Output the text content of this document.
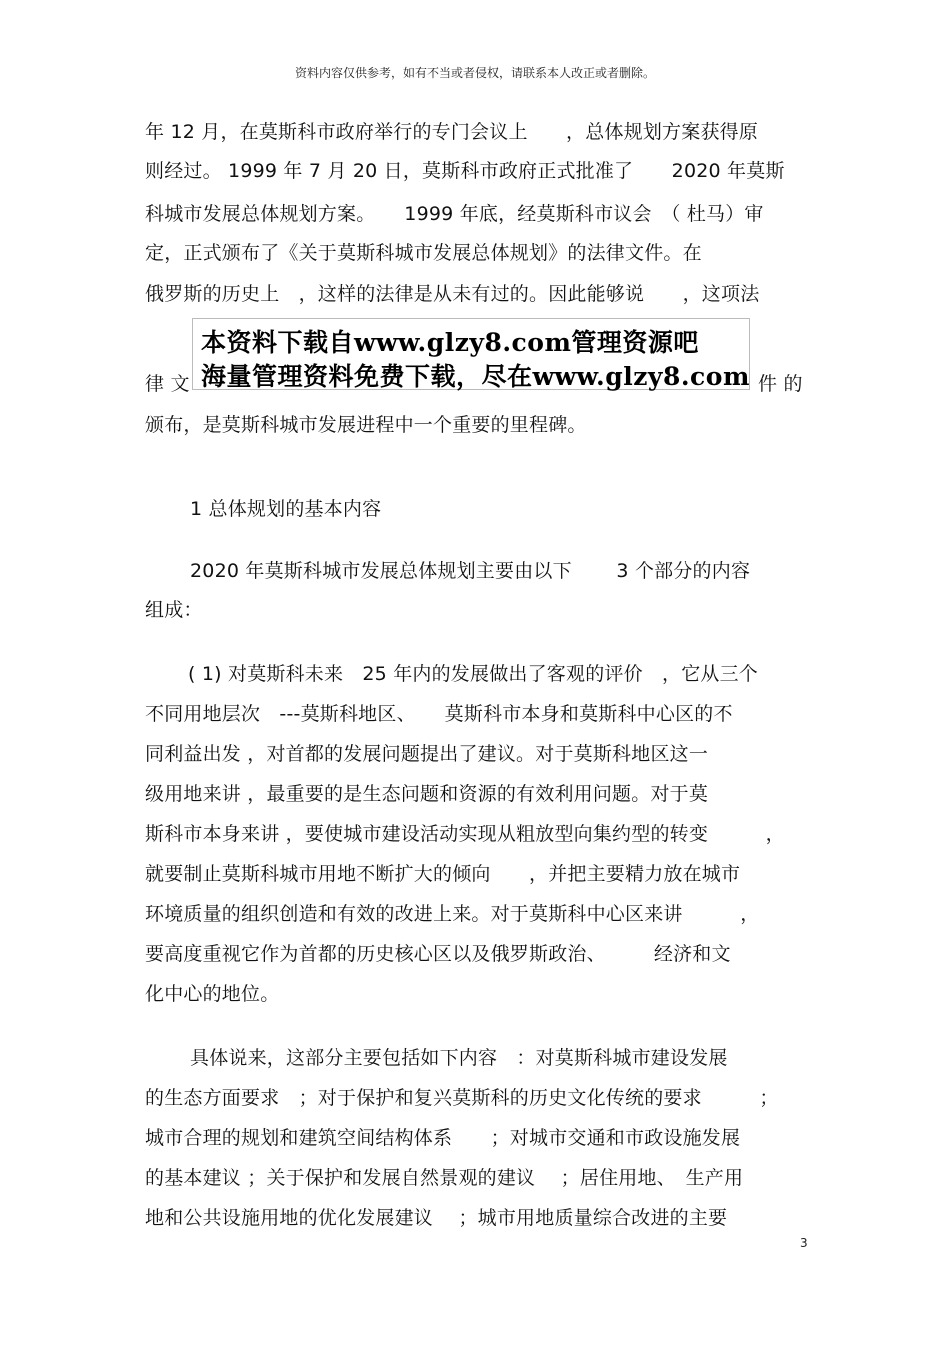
资料内容仅供参考，如有不当或者侵权，请联系本人改正或者删除。
年 12 月，在莫斯科市政府举行的专门会议上　　，总体规划方案获得原
则经过。 1999 年 7 月 20 日，莫斯科市政府正式批准了　　2020 年莫斯
科城市发展总体规划方案。　　1999 年底，经莫斯科市议会　（ 杜马）审
定，正式颁布了《关于莫斯科城市发展总体规划》的法律文件。在
俄罗斯的历史上　，这样的法律是从未有过的。因此能够说　　，这项法
律 文
本资料下载自www.glzy8.com管理资源吧
海量管理资料免费下载，尽在www.glzy8.com 件 的
颁布，是莫斯科城市发展进程中一个重要的里程碑。
1 总体规划的基本内容
2020 年莫斯科城市发展总体规划主要由以下　　 3 个部分的内容
组成：
( 1) 对莫斯科未来　25 年内的发展做出了客观的评价　，它从三个
不同用地层次　---莫斯科地区、　　莫斯科市本身和莫斯科中心区的不
同利益出发 ，对首都的发展问题提出了建议。对于莫斯科地区这一
级用地来讲 ，最重要的是生态问题和资源的有效利用问题。对于莫
斯科市本身来讲 ，要使城市建设活动实现从粗放型向集约型的转变　　　，
就要制止莫斯科城市用地不断扩大的倾向　　，并把主要精力放在城市
环境质量的组织创造和有效的改进上来。对于莫斯科中心区来讲　　　，
要高度重视它作为首都的历史核心区以及俄罗斯政治、　　　经济和文
化中心的地位。
具体说来，这部分主要包括如下内容　：对莫斯科城市建设发展
的生态方面要求　；对于保护和复兴莫斯科的历史文化传统的要求　　　；
城市合理的规划和建筑空间结构体系　　；对城市交通和市政设施发展
的基本建议 ；关于保护和发展自然景观的建议　 ；居住用地、　生产用
地和公共设施用地的优化发展建议　 ；城市用地质量综合改进的主要
3
